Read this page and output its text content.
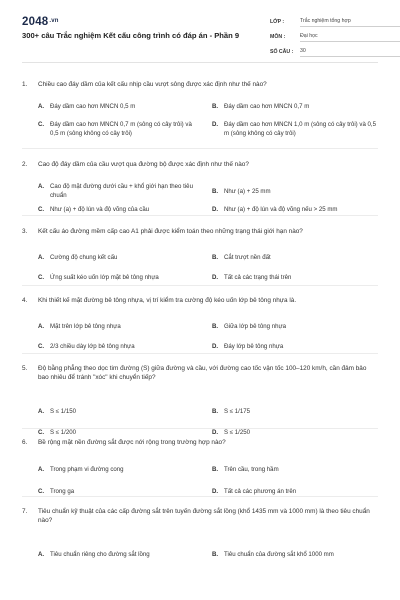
$2048^{.vn}$
300+ câu Trắc nghiệm Kết cấu công trình có đáp án - Phần 9
LỚP :	Trắc nghiệm tổng hợp
MÔN :	Đại học
SỐ CÂU :	30
1.	Chiều cao đáy dầm của kết cấu nhịp cầu vượt sông được xác định như thế nào?
A. Đáy dầm cao hơn MNCN 0,5 m	B. Đáy dầm cao hơn MNCN 0,7 m
C. Đáy dầm cao hơn MNCN 0,7 m (sông có cây trôi) và 0,5 m (sông không có cây trôi)
D. Đáy dầm cao hơn MNCN 1,0 m (sông có cây trôi) và 0,5 m (sông không có cây trôi)
2.	Cao độ đáy dầm của cầu vượt qua đường bộ được xác định như thế nào?
A. Cao độ mặt đường dưới cầu + khổ giới hạn theo tiêu chuẩn
B. Như (a) + 25 mm
C. Như (a) + độ lún và độ võng của cầu	D. Như (a) + độ lún và độ võng nếu > 25 mm
3.	Kết cấu áo đường mềm cấp cao A1 phải được kiểm toán theo những trạng thái giới hạn nào?
A. Cường độ chung kết cấu	B. Cắt trượt nền đất
C. Ứng suất kéo uốn lớp mặt bê tông nhựa	D. Tất cả các trạng thái trên
4.	Khi thiết kế mặt đường bê tông nhựa, vị trí kiểm tra cường độ kéo uốn lớp bê tông nhựa là.
A. Mặt trên lớp bê tông nhựa	B. Giữa lớp bê tông nhựa
C. 2/3 chiều dày lớp bê tông nhựa	D. Đáy lớp bê tông nhựa
5.	Độ bằng phẳng theo dọc tim đường (S) giữa đường và cầu, với đường cao tốc vận tốc 100–120 km/h, cần đảm bảo bao nhiêu để tránh "xóc" khi chuyển tiếp?
A. S ≤ 1/150	B. S ≤ 1/175
C. S ≤ 1/200	D. S ≤ 1/250
6.	Bề rộng mặt nền đường sắt được nới rộng trong trường hợp nào?
A. Trong phạm vi đường cong	B. Trên cầu, trong hầm
C. Trong ga	D. Tất cả các phương án trên
7.	Tiêu chuẩn kỹ thuật của các cấp đường sắt trên tuyến đường sắt lồng (khổ 1435 mm và 1000 mm) là theo tiêu chuẩn nào?
A. Tiêu chuẩn riêng cho đường sắt lồng	B. Tiêu chuẩn của đường sắt khổ 1000 mm
